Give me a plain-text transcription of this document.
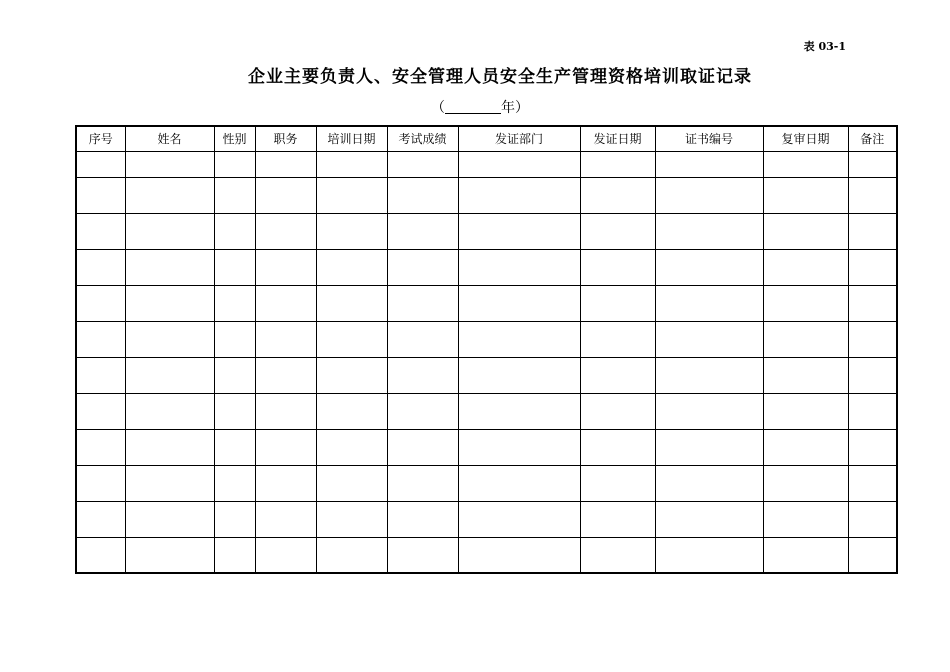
表 03-1
企业主要负责人、安全管理人员安全生产管理资格培训取证记录
（	年）
序号	姓名	性别	职务	培训日期	考试成绩	发证部门	发证日期	证书编号	复审日期	备注
